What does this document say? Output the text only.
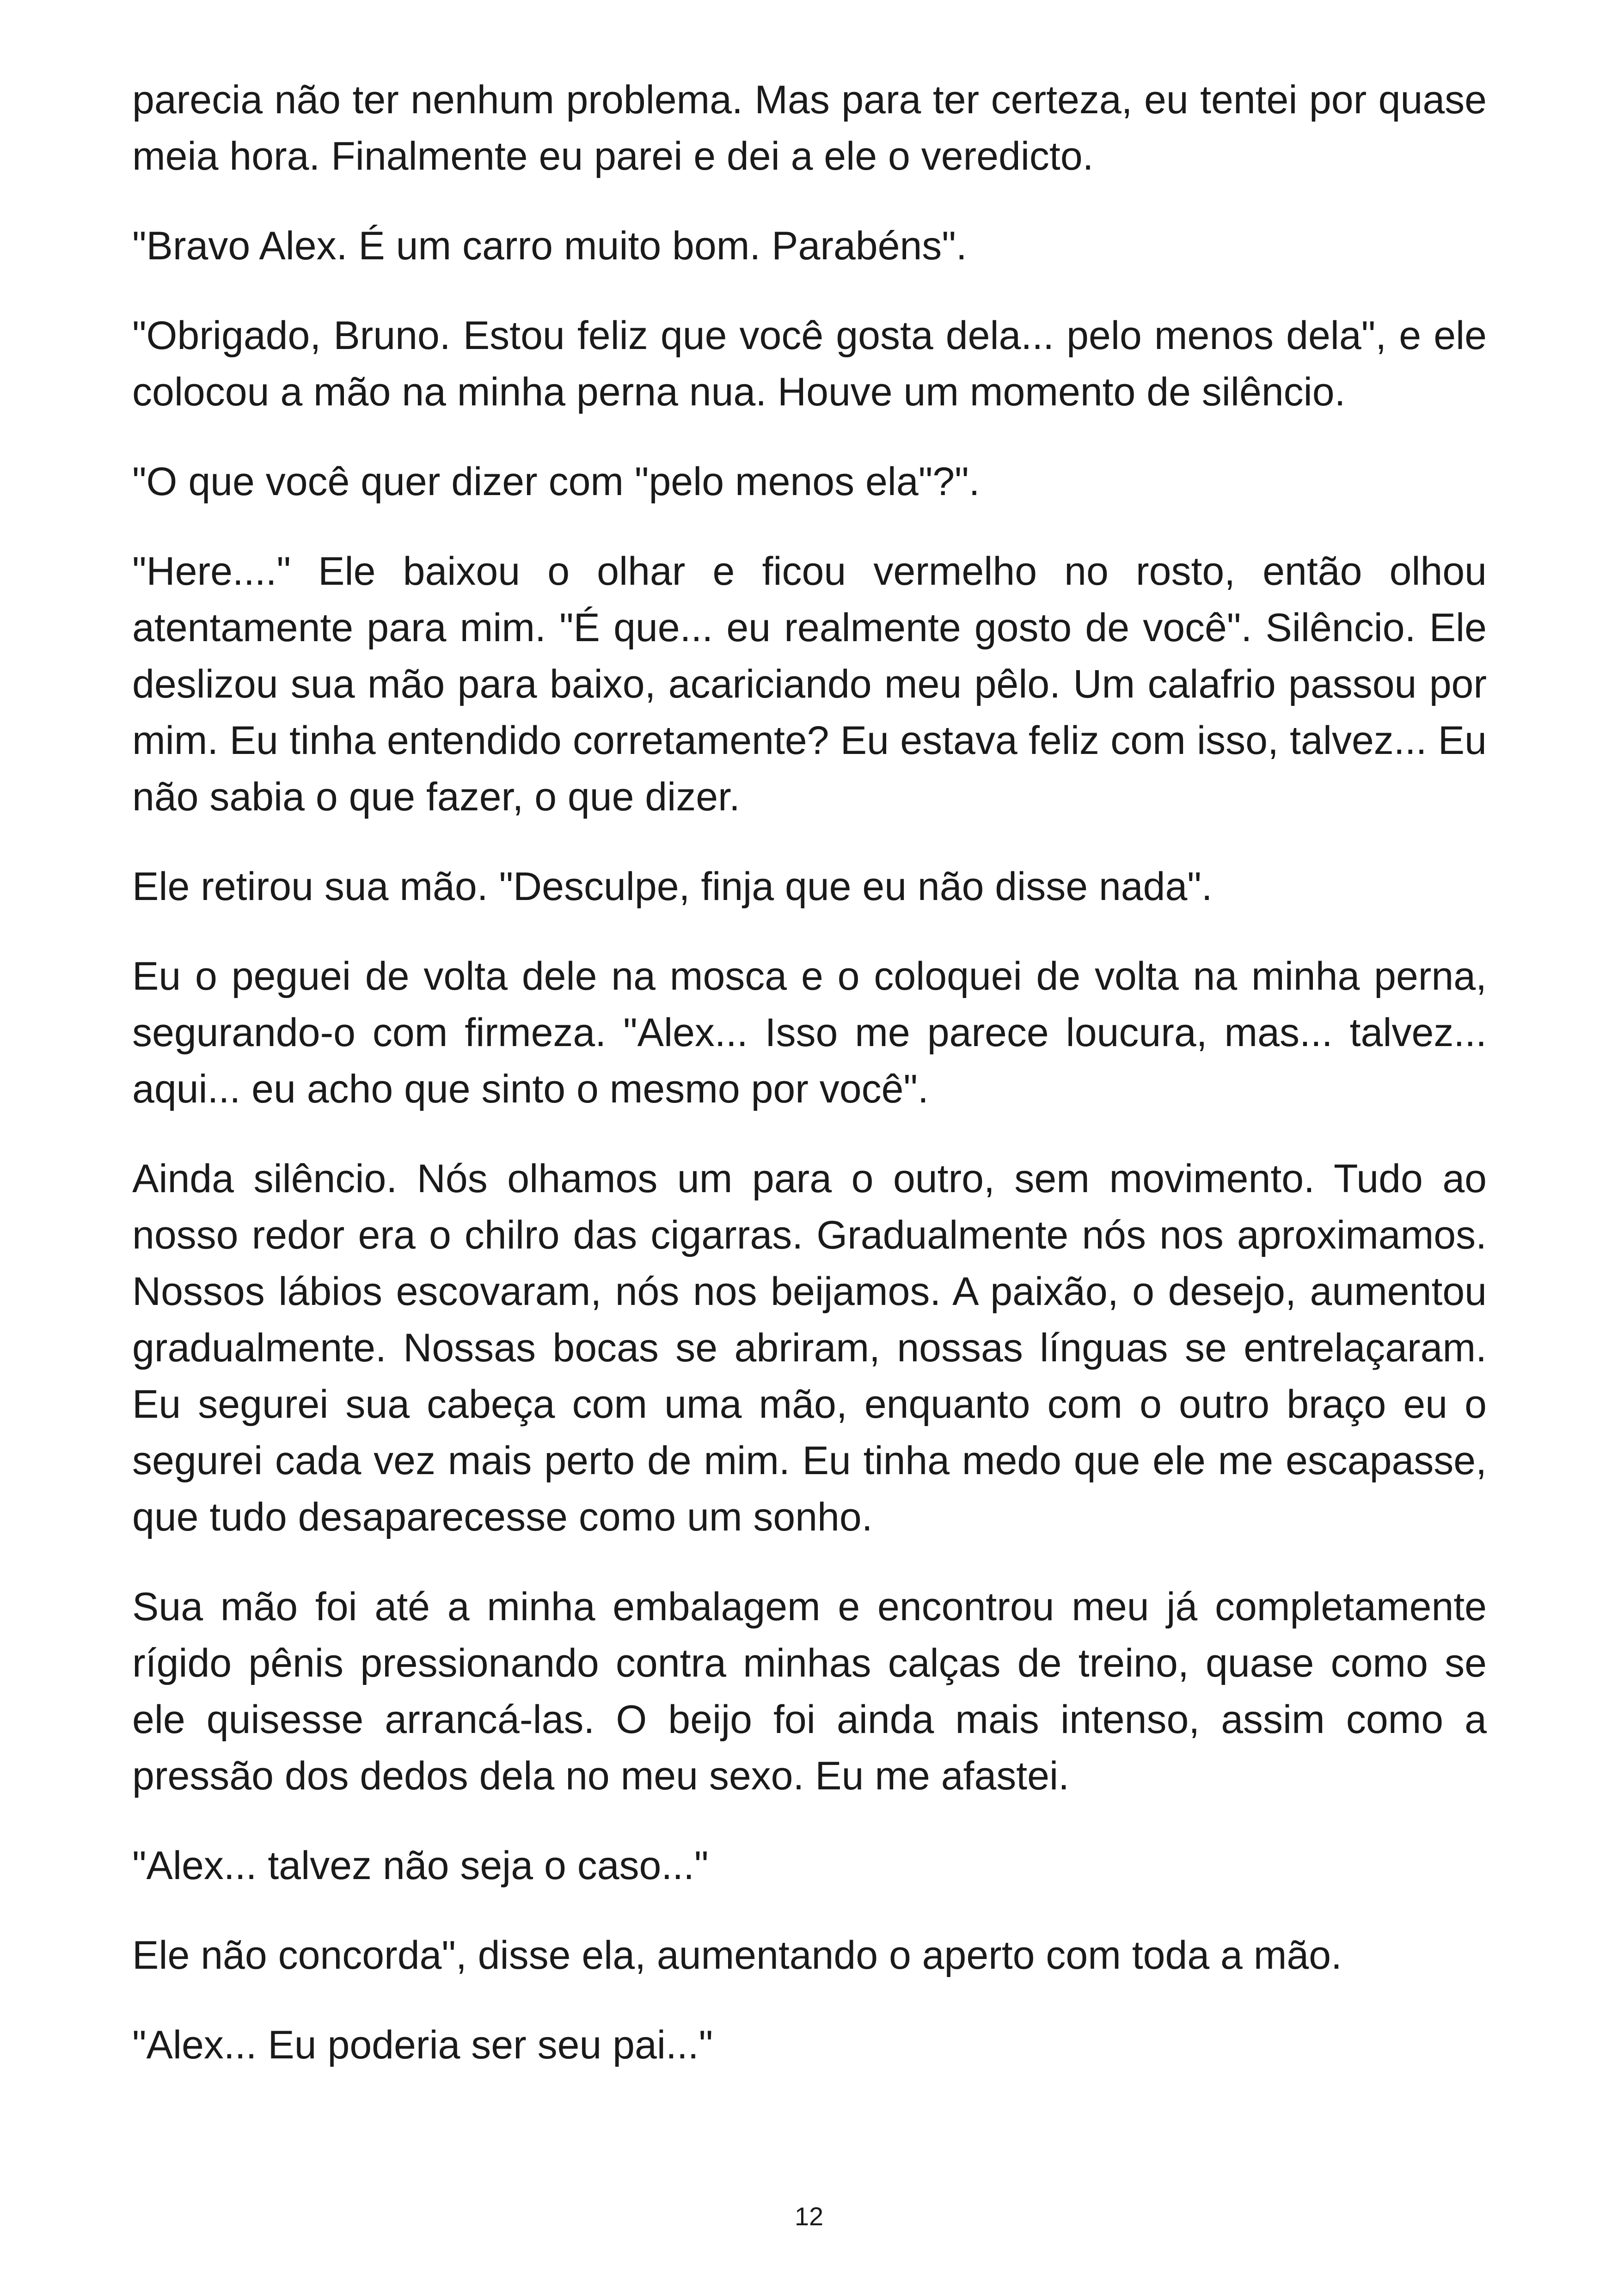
parecia não ter nenhum problema. Mas para ter certeza, eu tentei por quase meia hora. Finalmente eu parei e dei a ele o veredicto.

"Bravo Alex. É um carro muito bom. Parabéns".

"Obrigado, Bruno. Estou feliz que você gosta dela... pelo menos dela", e ele colocou a mão na minha perna nua. Houve um momento de silêncio.

"O que você quer dizer com "pelo menos ela"?".

"Here...." Ele baixou o olhar e ficou vermelho no rosto, então olhou atentamente para mim. "É que... eu realmente gosto de você". Silêncio. Ele deslizou sua mão para baixo, acariciando meu pêlo. Um calafrio passou por mim. Eu tinha entendido corretamente? Eu estava feliz com isso, talvez... Eu não sabia o que fazer, o que dizer.

Ele retirou sua mão. "Desculpe, finja que eu não disse nada".

Eu o peguei de volta dele na mosca e o coloquei de volta na minha perna, segurando-o com firmeza. "Alex... Isso me parece loucura, mas... talvez... aqui... eu acho que sinto o mesmo por você".

Ainda silêncio. Nós olhamos um para o outro, sem movimento. Tudo ao nosso redor era o chilro das cigarras. Gradualmente nós nos aproximamos. Nossos lábios escovaram, nós nos beijamos. A paixão, o desejo, aumentou gradualmente. Nossas bocas se abriram, nossas línguas se entrelaçaram. Eu segurei sua cabeça com uma mão, enquanto com o outro braço eu o segurei cada vez mais perto de mim. Eu tinha medo que ele me escapasse, que tudo desaparecesse como um sonho.

Sua mão foi até a minha embalagem e encontrou meu já completamente rígido pênis pressionando contra minhas calças de treino, quase como se ele quisesse arrancá-las. O beijo foi ainda mais intenso, assim como a pressão dos dedos dela no meu sexo. Eu me afastei.

"Alex... talvez não seja o caso..."

Ele não concorda", disse ela, aumentando o aperto com toda a mão.

"Alex... Eu poderia ser seu pai..."

12
